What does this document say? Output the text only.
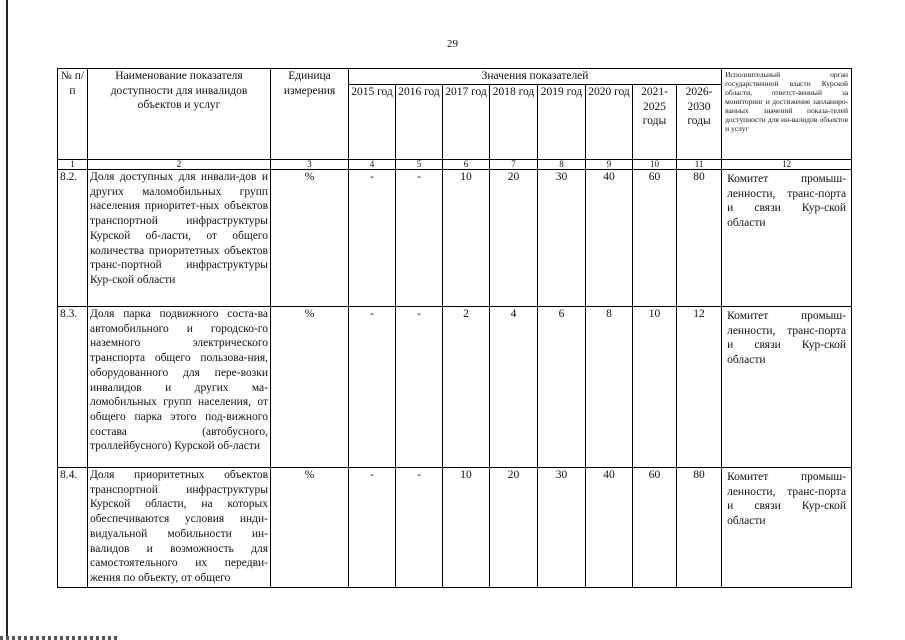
29
№ п/п	Наименование показателя доступности для инвалидов объектов и услуг	Единица измерения	Значения показателей								Исполнительный орган государственной власти Курской области, ответст-венный за мониторинг и достижение запланиро-ванных значений показа-телей доступности для ин-валидов объектов и услуг
			2015 год	2016 год	2017 год	2018 год	2019 год	2020 год	2021-2025 годы	2026-2030 годы	
1	2	3	4	5	6	7	8	9	10	11	12
8.2.	Доля доступных для инвали-дов и других маломобильных групп населения приоритет-ных объектов транспортной инфраструктуры Курской об-ласти, от общего количества приоритетных объектов транс-портной инфраструктуры Кур-ской области	%	-	-	10	20	30	40	60	80	Комитет промыш-ленности, транс-порта и связи Кур-ской области
8.3.	Доля парка подвижного соста-ва автомобильного и городско-го наземного электрического транспорта общего пользова-ния, оборудованного для пере-возки инвалидов и других ма-ломобильных групп населения, от общего парка этого под-вижного состава (автобусного, троллейбусного) Курской об-ласти	%	-	-	2	4	6	8	10	12	Комитет промыш-ленности, транс-порта и связи Кур-ской области
8.4.	Доля приоритетных объектов транспортной инфраструктуры Курской области, на которых обеспечиваются условия инди-видуальной мобильности ин-валидов и возможность для самостоятельного их передви-жения по объекту, от общего	%	-	-	10	20	30	40	60	80	Комитет промыш-ленности, транс-порта и связи Кур-ской области
